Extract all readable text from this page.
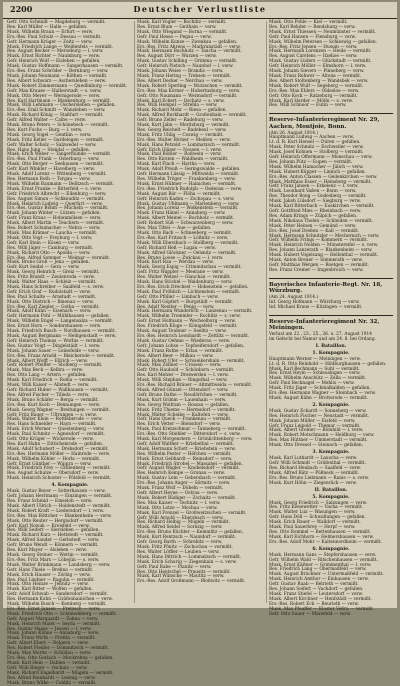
2200	Deutscher Verlustliste
Gefr. Otto Schmidt — Magdeburg — vermißt.
Res. Karl Müller — Halle — gefallen.
Musk. Wilhelm Braun — Erfurt — verw.
Ers.-Res. Paul Schulz — Dessau — vermißt.
Gefr. Hermann Krüger — Zeitz — verw.
Musk. Friedrich Lange — Weißenfels — vermißt.
Res. August Becker — Merseburg — l. verw.
Musk. Ernst Richter — Naumburg — verw.
Gefr. Heinrich Wolf — Eisleben — gefallen.
Musk. Gustav Hoffmann — Sangerhausen — vermißt.
Ers.-Res. Franz Schröder — Bernburg — verw.
Musk. Johann Neumann — Köthen — vermißt.
Res. Albert Schwarz — Aschersleben — verw.
Musk. Robert Zimmermann — Quedlinburg — vermißt.
Gefr. Max Krause — Halberstadt — s. verw.
Musk. Otto Meyer — Wernigerode — verw.
Res. Karl Hartmann — Blankenburg — vermißt.
Musk. Willi Lehmann — Oschersleben — gefallen.
Ers.-Res. Emil Schmitt — Wanzleben — verw.
Musk. Richard König — Staßfurt — vermißt.
Gefr. Alfred Walter — Calbe — verw.
Musk. Bruno Peters — Schönebeck — vermißt.
Res. Kurt Fuchs — Burg — l. verw.
Musk. Georg Vogel — Genthin — verw.
Musk. Fritz Keller — Gardelegen — vermißt.
Gefr. Walter Scholz — Salzwedel — verw.
Res. Hans Jung — Stendal — gefallen.
Musk. Erich Weber — Tangermünde — vermißt.
Ers.-Res. Paul Frank — Osterburg — verw.
Musk. Otto Berger — Seehausen — vermißt.
Gefr. Karl Winkler — Havelberg — verw.
Musk. Adolf Lorenz — Wittenberg — vermißt.
Res. Hermann Roth — Torgau — verw.
Musk. Wilhelm Baumann — Delitzsch — vermißt.
Musk. Ernst Franke — Bitterfeld — s. verw.
Gefr. Friedrich Albrecht — Eilenburg — verw.
Res. August Simon — Schkeuditz — vermißt.
Musk. Heinrich Ludwig — Querfurt — verw.
Ers.-Res. Gustav Böhm — Mücheln — vermißt.
Musk. Johann Winter — Lützen — gefallen.
Gefr. Franz Kraus — Hohenmölsen — verw.
Musk. Albert Martin — Teuchern — vermißt.
Res. Robert Schumacher — Nebra — verw.
Musk. Max Krämer — Laucha — vermißt.
Musk. Otto Vogt — Freyburg — l. verw.
Gefr. Karl Stein — Kösen — verw.
Res. Willi Jäger — Camburg — vermißt.
Musk. Richard Otto — Apolda — verw.
Ers.-Res. Alfred Sommer — Weimar — vermißt.
Musk. Bruno Groß — Jena — gefallen.
Gefr. Kurt Seidel — Gera — verw.
Musk. Georg Heinrich — Greiz — vermißt.
Res. Fritz Brandt — Zeulenroda — verw.
Musk. Walter Haas — Schleiz — vermißt.
Musk. Hans Schreiber — Saalfeld — s. verw.
Gefr. Erich Graf — Rudolstadt — verw.
Res. Paul Schulte — Arnstadt — vermißt.
Musk. Otto Dietrich — Ilmenau — verw.
Ers.-Res. Karl Ziegler — Gotha — vermißt.
Musk. Adolf Kühn — Eisenach — verw.
Gefr. Hermann Pohl — Mühlhausen — gefallen.
Musk. Wilhelm Engel — Langensalza — vermißt.
Res. Ernst Horn — Sondershausen — verw.
Musk. Friedrich Busch — Nordhausen — vermißt.
Musk. August Bergmann — Heiligenstadt — verw.
Gefr. Heinrich Thomas — Worbis — vermißt.
Res. Gustav Voigt — Dingelstädt — l. verw.
Musk. Johann Sauer — Leinefelde — verw.
Ers.-Res. Franz Arnold — Bleicherode — vermißt.
Musk. Albert Wolff — Ellrich — verw.
Gefr. Robert Pfeiffer — Stolberg — vermißt.
Musk. Max Beck — Kelbra — verw.
Res. Otto Lang — Artern — gefallen.
Musk. Karl Friedrich — Roßla — vermißt.
Musk. Willi Kaiser — Allstedt — verw.
Gefr. Richard Huber — Wallhausen — vermißt.
Res. Alfred Fischer — Tilleda — verw.
Musk. Bruno Schäfer — Berga — vermißt.
Ers.-Res. Kurt Koch — Bennungen — verw.
Musk. Georg Wagner — Breitungen — vermißt.
Gefr. Fritz Bauer — Uftrungen — s. verw.
Musk. Walter Klein — Rottleberode — verw.
Res. Hans Schneider — Hayn — vermißt.
Musk. Erich Werner — Questenberg — verw.
Musk. Paul Schmitz — Agnesdorf — vermißt.
Gefr. Otto Krüger — Wickerode — verw.
Res. Karl Hahn — Dittichenrode — gefallen.
Musk. Adolf Schubert — Drebsdorf — vermißt.
Ers.-Res. Hermann Möller — Hainrode — verw.
Musk. Wilhelm Köhler — Horla — vermißt.
Gefr. Ernst Günther — Wippra — verw.
Musk. Friedrich Frey — Grillenberg — vermißt.
Res. August Schulze — Obersdorf — verw.
Musk. Heinrich Schuster — Pölsfeld — vermißt.
4. Kompagnie.
Musk. Gustav Beyer — Sotterhausen — verw.
Gefr. Johann Herrmann — Einzingen — vermißt.
Res. Franz Schmid — Emseloh — verw.
Musk. Albert Ullrich — Holdenstedt — vermißt.
Musk. Robert Kraft — Liedersdorf — l. verw.
Ers.-Res. Max Böttcher — Blankenheim — verw.
Musk. Otto Reuter — Hergisdorf — vermißt.
Gefr. Karl Nowak — Kreisfeld — verw.
Res. Willi Seifert — Siersleben — gefallen.
Musk. Richard Kurz — Hettstedt — vermißt.
Musk. Alfred Sander — Gerbstedt — verw.
Gefr. Bruno Wendt — Könnern — vermißt.
Res. Kurt Mayer — Alsleben — verw.
Musk. Georg Steiner — Wettin — vermißt.
Ers.-Res. Fritz Marx — Löbejün — s. verw.
Musk. Walter Brinkmann — Landsberg — verw.
Gefr. Hans Thiele — Brehna — vermißt.
Musk. Erich Hauser — Zörbig — verw.
Res. Paul Lindner — Raguhn — vermißt.
Musk. Otto Heinze — Jeßnitz — verw.
Musk. Karl Ritter — Wolfen — gefallen.
Gefr. Adolf Schwab — Sandersdorf — vermißt.
Res. Hermann Kuhn — Gräfenhainichen — verw.
Musk. Wilhelm Busch — Kemberg — vermißt.
Ers.-Res. Ernst Jansen — Pretzsch — verw.
Musk. Friedrich Otto — Schmiedeberg — vermißt.
Gefr. August Marquardt — Zahna — verw.
Musk. Heinrich Maier — Seyda — vermißt.
Res. Gustav Haase — Jessen — l. verw.
Musk. Johann Kühne — Annaburg — verw.
Musk. Franz Wirth — Prettin — vermißt.
Gefr. Albert Ebert — Belgern — verw.
Res. Robert Fiedler — Dommitzsch — vermißt.
Musk. Max Moritz — Schildau — verw.
Ers.-Res. Otto Gerlach — Mockrehna — gefallen.
Musk. Karl Hein — Dahlen — vermißt.
Gefr. Willi Rieger — Oschatz — verw.
Musk. Richard Engelhardt — Mügeln — vermißt.
Res. Alfred Reinhardt — Leisnig — verw.
Musk. Bruno Wilke — Colditz — vermißt.
Musk. Karl Vogler — Rochlitz — vermißt.
Res. Ernst Blum — Geithain — verw.
Musk. Otto Wiegand — Borna — vermißt.
Gefr. Paul Hesse — Pegau — verw.
Musk. Wilhelm Kunze — Zwenkau — gefallen.
Ers.-Res. Fritz Ahrens — Markranstädt — verw.
Musk. Hermann Buchholz — Taucha — vermißt.
Res. August Dörr — Wurzen — verw.
Musk. Gustav Schilling — Grimma — vermißt.
Gefr. Heinrich Pietsch — Naunhof — l. verw.
Musk. Johann Weise — Brandis — verw.
Musk. Franz Hering — Trebsen — vermißt.
Res. Albert Decker — Nerchau — verw.
Musk. Robert Sperling — Mutzschen — vermißt.
Ers.-Res. Max Körner — Hubertusburg — verw.
Gefr. Otto Naumann — Wermsdorf — vermißt.
Musk. Karl Eckert — Oschatz — s. verw.
Res. Willi Hempel — Strehla — verw.
Musk. Richard Mohr — Riesa — gefallen.
Musk. Alfred Burkhardt — Großenhain — vermißt.
Gefr. Bruno Zeller — Radeburg — verw.
Musk. Kurt Jahn — Moritzburg — vermißt.
Res. Georg Reichelt — Radebeul — verw.
Musk. Fritz Uhlig — Coswig — vermißt.
Ers.-Res. Walter Börner — Meißen — verw.
Musk. Hans Petzold — Lommatzsch — vermißt.
Gefr. Erich Gläser — Nossen — l. verw.
Musk. Paul Rößler — Roßwein — verw.
Res. Otto Kirsten — Waldheim — vermißt.
Musk. Karl Flach — Hartha — verw.
Musk. Adolf Preuß — Geringswalde — gefallen.
Gefr. Hermann Lässig — Mittweida — vermißt.
Res. Wilhelm Tröger — Frankenberg — verw.
Musk. Ernst Hübner — Hainichen — vermißt.
Ers.-Res. Friedrich Rudolph — Oederan — verw.
Musk. August Bär — Flöha — vermißt.
Gefr. Heinrich Kaden — Zschopau — s. verw.
Musk. Gustav Uhlmann — Marienberg — verw.
Res. Johann Lorenz — Wolkenstein — vermißt.
Musk. Franz Hänel — Annaberg — verw.
Musk. Albert Meinel — Buchholz — vermißt.
Gefr. Robert Süß — Schwarzenberg — verw.
Res. Max Tittel — Aue — gefallen.
Musk. Otto Bach — Schneeberg — vermißt.
Ers.-Res. Karl Fritzsch — Lößnitz — verw.
Musk. Willi Ebersbach — Stollberg — vermißt.
Gefr. Richard Heß — Lugau — verw.
Musk. Alfred Glöckner — Oelsnitz — vermißt.
Res. Bruno Loose — Zwickau — l. verw.
Musk. Kurt Rau — Werdau — verw.
Musk. Georg Espig — Crimmitschau — vermißt.
Gefr. Fritz Wappler — Meerane — verw.
Res. Walter Wetzel — Glauchau — vermißt.
Musk. Hans Stöckel — Waldenburg — verw.
Ers.-Res. Erich Drechsel — Hohenstein — gefallen.
Musk. Paul Fröhlich — Lichtenstein — vermißt.
Gefr. Otto Pfüller — Limbach — verw.
Musk. Karl Göpfert — Burgstädt — vermißt.
Res. Adolf Nestler — Penig — verw.
Musk. Hermann Wunderlich — Lunzenau — vermißt.
Musk. Wilhelm Trommler — Rochlitz — s. verw.
Gefr. Ernst Hofmann — Wechselburg — verw.
Res. Friedrich Kluge — Königsfeld — vermißt.
Musk. August Teubner — Seelitz — verw.
Ers.-Res. Heinrich Leonhardt — Zettlitz — vermißt.
Musk. Gustav Oehme — Wiederau — verw.
Gefr. Johann Lohse — Topfseifersdorf — gefallen.
Musk. Franz Rothe — Erlau — vermißt.
Res. Albert Beer — Milkau — verw.
Musk. Robert Ufer — Schweikershain — vermißt.
Musk. Max Zöllner — Crossen — verw.
Gefr. Otto Haubold — Schönborn — vermißt.
Res. Karl Melzer — Dreiwerden — l. verw.
Musk. Willi Stephan — Ringethal — verw.
Ers.-Res. Richard Bräuer — Altmittweida — vermißt.
Musk. Alfred Günzel — Ottendorf — verw.
Gefr. Bruno Dathe — Neudörfchen — vermißt.
Musk. Kurt Grimm — Lauenhain — verw.
Res. Georg Wolfram — Rossau — gefallen.
Musk. Fritz Thieme — Hermsdorf — vermißt.
Musk. Walter Scheibe — Kaltofen — verw.
Gefr. Hans Queck — Frankenau — vermißt.
Res. Erich Vetter — Biensdorf — verw.
Musk. Paul Kretzschmar — Tanneberg — vermißt.
Ers.-Res. Otto Stiehler — Dittersdorf — s. verw.
Musk. Karl Morgenstern — Grünlichtenberg — verw.
Gefr. Adolf Walther — Kriebethal — vermißt.
Musk. Hermann Schott — Kriebstein — verw.
Res. Wilhelm Pester — Höfchen — vermißt.
Musk. Ernst Gebhardt — Reinsdorf — verw.
Musk. Friedrich Strobel — Massanei — gefallen.
Gefr. August Wagler — Knobelsdorf — vermißt.
Res. Heinrich Kempe — Grunau — verw.
Musk. Gustav Lein — Gebersbach — vermißt.
Ers.-Res. Johann Anger — Sörmitz — verw.
Musk. Franz Wolf — Döbeln — vermißt.
Gefr. Albert Heyne — Ostrau — verw.
Musk. Robert Rüdiger — Zschaitz — vermißt.
Res. Max Kaiser — Technitz — l. verw.
Musk. Otto Lotze — Mochau — verw.
Musk. Karl Frenzel — Großweitzschen — vermißt.
Gefr. Willi Arnold — Ebersbach — verw.
Res. Richard Helbig — Mügeln — vermißt.
Musk. Alfred Seidel — Sornzig — verw.
Ers.-Res. Bruno Küchler — Kemmlitz — gefallen.
Musk. Kurt Rentzsch — Naundorf — vermißt.
Gefr. Georg Barth — Schrebitz — verw.
Musk. Fritz Pönitz — Zschochau — vermißt.
Res. Walter Löffler — Leuben — verw.
Musk. Hans Dittrich — Lommatzsch — vermißt.
Musk. Erich Schurig — Ziegenhain — s. verw.
Gefr. Paul Rabe — Planitz — verw.
Res. Otto Hentschel — Prausitz — vermißt.
Musk. Karl Wünsche — Mautitz — verw.
Ers.-Res. Adolf Großmann — Bloßwitz — vermißt.
Musk. Otto Pohle — Kiel — vermißt.
Res. Karl Rehder — Rendsburg — verw.
Musk. Ernst Thiessen — Neumünster — vermißt.
Gefr. Paul Hansen — Flensburg — verw.
Musk. Wilhelm Petersen — Schleswig — gefallen.
Ers.-Res. Fritz Jensen — Husum — verw.
Musk. Hermann Lorenzen — Heide — vermißt.
Res. August Carstens — Itzehoe — verw.
Musk. Gustav Lüders — Glückstadt — vermißt.
Gefr. Heinrich Möller — Elmshorn — l. verw.
Musk. Johann Sievers — Pinneberg — verw.
Musk. Franz Rohwer — Altona — vermißt.
Res. Albert Stoltenberg — Wandsbek — verw.
Musk. Robert Wulf — Segeberg — vermißt.
Ers.-Res. Max Ehlers — Oldesloe — verw.
Gefr. Otto Kock — Ratzeburg — vermißt.
Musk. Karl Harder — Mölln — s. verw.
Res. Willi Schnoor — Eutin — verw.
Reserve-Infanterieregiment Nr. 29, Aachen, Montjoie, Bonn.
(Am 26. August 1914.)
Hauptmann Ludwig — Aachen — verw.
Lt. d. R. Kurt Hensel — Düren — gefallen.
Musk. Peter Schmitz — Eschweiler — verw.
Musk. Josef Kohnen — Stolberg — vermißt.
Gefr. Heinrich Offermann — Monschau — verw.
Res. Johann Pütz — Eupen — vermißt.
Musk. Wilhelm Hamacher — Jülich — verw.
Musk. Hubert Küpper — Linnich — gefallen.
Ers.-Res. Anton Classen — Geilenkirchen — verw.
Musk. Matthias Esser — Heinsberg — vermißt.
Gefr. Franz Jansen — Erkelenz — l. verw.
Musk. Leonhard Vaßen — Bonn — verw.
Res. Theodor Bong — Godesberg — vermißt.
Musk. Jakob Lülsdorf — Siegburg — verw.
Musk. Karl Ritterbach — Euskirchen — vermißt.
Gefr. Gottfried Mies — Rheinbach — verw.
Res. Adam Krings — Zülpich — gefallen.
Musk. Nikolaus Thelen — Schleiden — vermißt.
Musk. Peter Heinen — Gemünd — verw.
Ers.-Res. Josef Dreßen — Kall — vermißt.
Musk. Hermann Schnitzler — Mechernich — verw.
Gefr. Wilhelm Frings — Kommern — vermißt.
Musk. Heinrich Nolden — Münstereifel — s. verw.
Res. Johann Lanzerath — Blankenheim — verw.
Musk. Hubert Vogelsang — Hellenthal — vermißt.
Musk. Anton Breuer — Simmerath — verw.
Gefr. Matthias Wergen — Roetgen — vermißt.
Res. Franz Cremer — Imgenbroich — verw.
Bayerisches Infanterie-Regt. Nr. 18, Würzburg.
(Am 24. August 1914.)
Inf. Georg Hofmann — Würzburg — verw.
Inf. Michael Kraus — Kitzingen — vermißt.
Reserve-Infanterieregiment Nr. 32, Meiningen.
Verlust am 22., 23., 25., 26. u. 27. August 1914
im Gefecht bei Namur und am 24. 8. bei Ordang.
I. Bataillon.
1. Kompagnie.
Hauptmann Werner — Meiningen — verw.
Lt. d. R. Otto Reinhold — Hildburghausen — gefallen.
Musk. Karl Bechmann — Suhl — vermißt.
Res. Ernst Heym — Schleusingen — verw.
Musk. Wilhelm Anschütz — Zella — vermißt.
Gefr. Paul Recknagel — Mehlis — verw.
Musk. Fritz Jäger — Schmalkalden — gefallen.
Ers.-Res. Hermann Wagner — Steinbach — verw.
Musk. August Kühn — Brotterode — vermißt.
2. Kompagnie.
Musk. Gustav Eckardt — Sonneberg — verw.
Res. Heinrich Fischer — Neustadt — vermißt.
Musk. Johann Müller — Eisfeld — verw.
Gefr. Franz Leipold — Themar — vermißt.
Musk. Albert Greiner — Römhild — l. verw.
Musk. Robert Motschmann — Heldburg — verw.
Res. Max Hüttner — Ummerstadt — vermißt.
Musk. Otto Dressel — Steinach — gefallen.
3. Kompagnie.
Musk. Karl Luthardt — Lauscha — verw.
Gefr. Willi Schmidt — Gräfenthal — vermißt.
Res. Richard Heubach — Saalfeld — verw.
Musk. Alfred Bätz — Pößneck — vermißt.
Ers.-Res. Bruno Liebmann — Ranis — s. verw.
Musk. Kurt Höhn — Ziegenrück — verw.
II. Bataillon.
5. Kompagnie.
Musk. Georg Friedrich — Salzungen — verw.
Res. Fritz Kiesewetter — Vacha — vermißt.
Musk. Walter Lux — Wasungen — verw.
Gefr. Hans Döll — Schwallungen — gefallen.
Musk. Erich Bauer — Walldorf — vermißt.
Musk. Paul Sauerbrey — Herpf — verw.
Res. Otto Rommel — Bettenhausen — vermißt.
Musk. Karl Eichhorn — Helmershausen — verw.
Ers.-Res. Adolf Mohr — Kaltennordheim — vermißt.
6. Kompagnie.
Musk. Hermann Gans — Stepfershausen — verw.
Gefr. Wilhelm Wald — Ritschenhausen — vermißt.
Musk. Ernst Käßner — Grimmenthal — l. verw.
Res. Friedrich Lang — Obermaßfeld — verw.
Musk. August Brückner — Untermaßfeld — vermißt.
Musk. Heinrich Amthor — Einhausen — verw.
Gefr. Gustav Raab — Belrieth — vermißt.
Res. Johann Seifert — Vachdorf — gefallen.
Musk. Franz Stiefel — Leutersdorf — verw.
Musk. Albert Kirchner — Henfstädt — vermißt.
Ers.-Res. Robert Eck — Reurieth — verw.
Musk. Max Pfeuffer — Kloster Veßra — vermißt.
Gefr. Otto Sauer — Marisfeld — verw.
